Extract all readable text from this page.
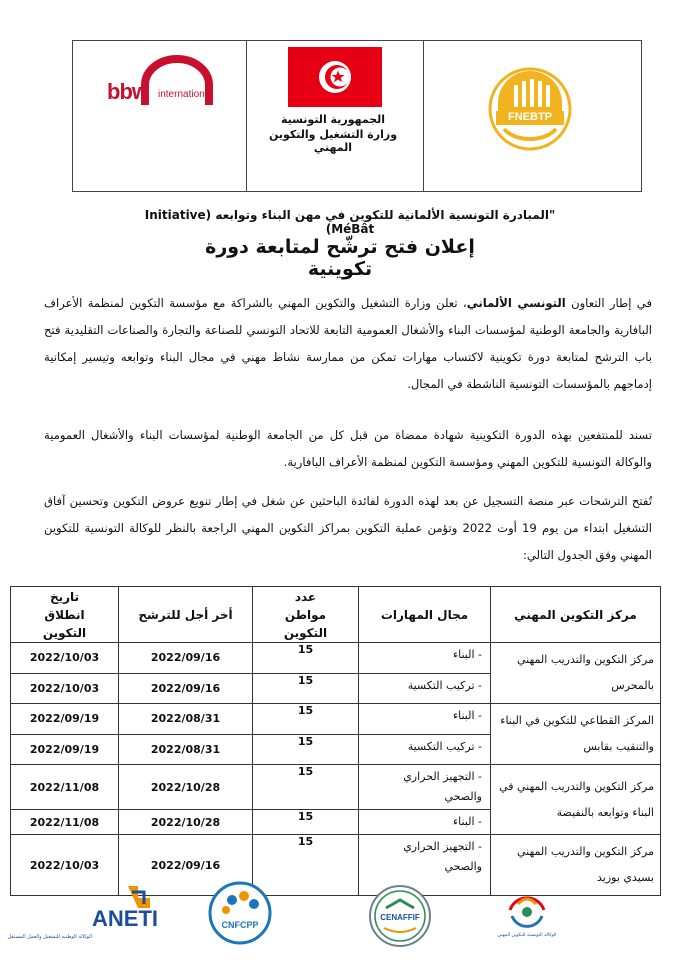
bbw international
الجمهورية التونسية
وزارة التشغيل والتكوين المهني
FNEBTP
"المبادرة التونسية الألمانية للتكوين في مهن البناء وتوابعه (Initiative MéBât)
إعلان فتح ترشّح لمتابعة دورة تكوينية

في إطار التعاون التونسي الألماني، تعلن وزارة التشغيل والتكوين المهني بالشراكة مع مؤسسة التكوين لمنظمة الأعراف البافارية والجامعة الوطنية لمؤسسات البناء والأشغال العمومية التابعة للاتحاد التونسي للصناعة والتجارة والصناعات التقليدية فتح باب الترشح لمتابعة دورة تكوينية لاكتساب مهارات تمكن من ممارسة نشاط مهني في مجال البناء وتوابعه وتيسير إمكانية إدماجهم بالمؤسسات التونسية الناشطة في المجال.

تسند للمنتفعين بهذه الدورة التكوينية شهادة ممضاة من قبل كل من الجامعة الوطنية لمؤسسات البناء والأشغال العمومية والوكالة التونسية للتكوين المهني ومؤسسة التكوين لمنظمة الأعراف البافارية.

تُفتح الترشحات عبر منصة التسجيل عن بعد لهذه الدورة لفائدة الباحثين عن شغل في إطار تنويع عروض التكوين وتحسين آفاق التشغيل ابتداء من يوم 19 أوت 2022 وتؤمن عملية التكوين بمراكز التكوين المهني الراجعة بالنظر للوكالة التونسية للتكوين المهني وفق الجدول التالي:

مركز التكوين المهني	مجال المهارات	عدد مواطن التكوين	أخر أجل للترشح	تاريخ انطلاق التكوين
مركز التكوين والتدريب المهني بالمحرس	- البناء	15	2022/09/16	2022/10/03
	- تركيب التكسية	15	2022/09/16	2022/10/03
المركز القطاعي للتكوين في البناء والتنقيب بقابس	- البناء	15	2022/08/31	2022/09/19
	- تركيب التكسية	15	2022/08/31	2022/09/19
مركز التكوين والتدريب المهني في البناء وتوابعه بالنفيضة	- التجهيز الحراري والصحي	15	2022/10/28	2022/11/08
	- البناء	15	2022/10/28	2022/11/08
مركز التكوين والتدريب المهني بسيدي بوزيد	- التجهيز الحراري والصحي	15	2022/09/16	2022/10/03
ANETI
الوكالة الوطنية للتشغيل والعمل المستقل
CNFCPP
CENAFFIF
الوكالة التونسية للتكوين المهني
